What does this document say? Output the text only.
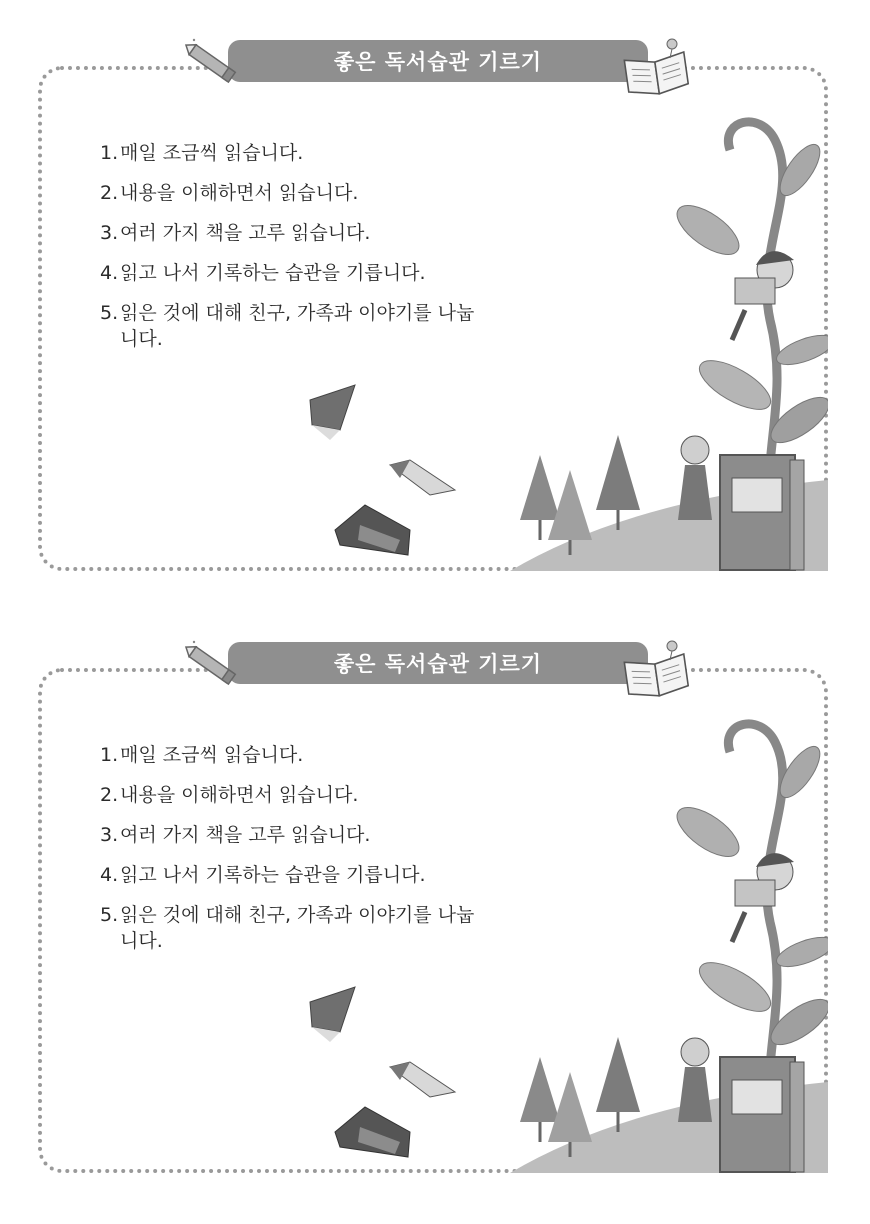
좋은 독서습관 기르기
1. 매일 조금씩 읽습니다.
2. 내용을 이해하면서 읽습니다.
3. 여러 가지 책을 고루 읽습니다.
4. 읽고 나서 기록하는 습관을 기릅니다.
5. 읽은 것에 대해 친구, 가족과 이야기를 나눕니다.
좋은 독서습관 기르기
1. 매일 조금씩 읽습니다.
2. 내용을 이해하면서 읽습니다.
3. 여러 가지 책을 고루 읽습니다.
4. 읽고 나서 기록하는 습관을 기릅니다.
5. 읽은 것에 대해 친구, 가족과 이야기를 나눕니다.
